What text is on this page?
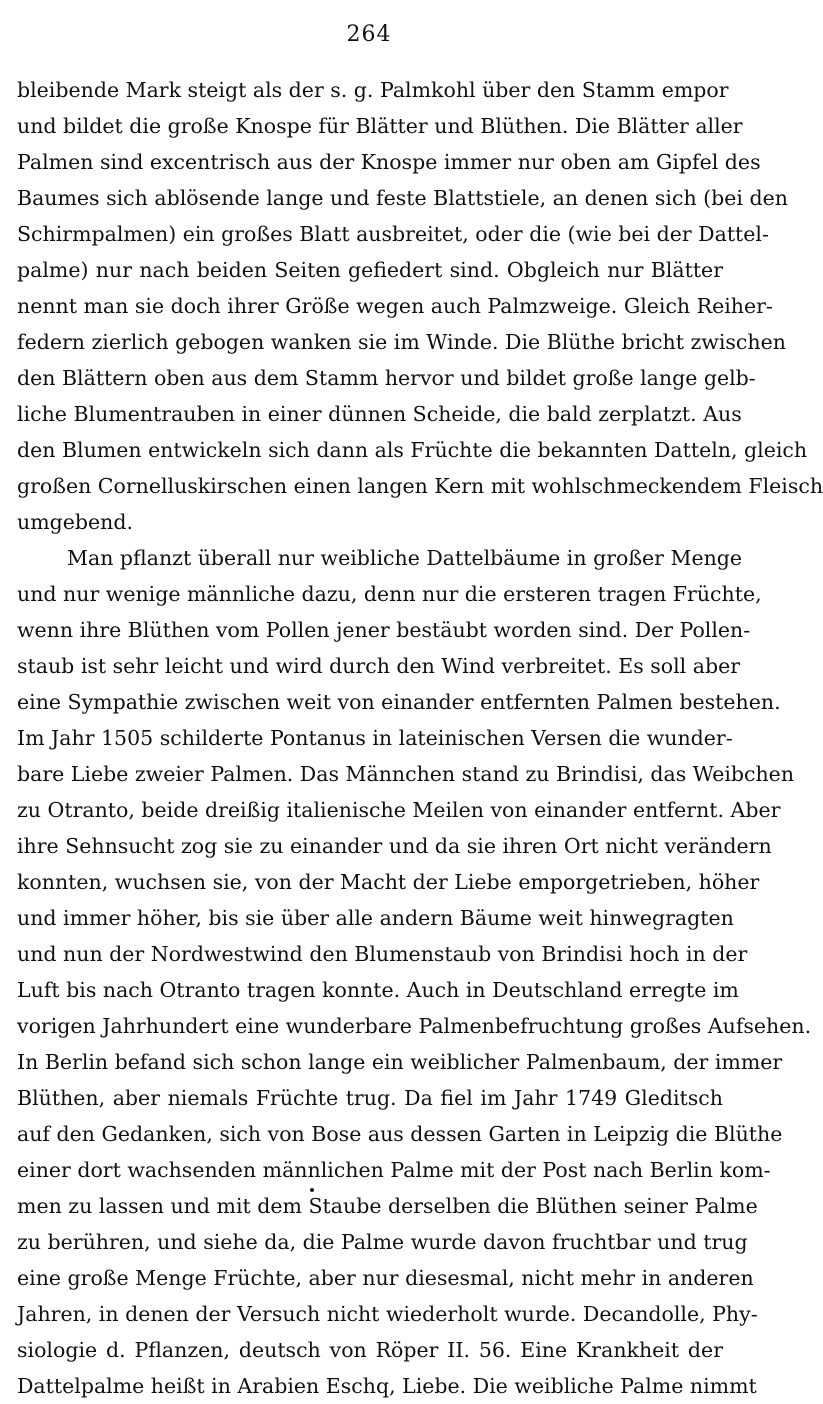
264
bleibende Mark steigt als der s. g. Palmkohl über den Stamm empor
und bildet die große Knospe für Blätter und Blüthen. Die Blätter aller
Palmen sind excentrisch aus der Knospe immer nur oben am Gipfel des
Baumes sich ablösende lange und feste Blattstiele, an denen sich (bei den
Schirmpalmen) ein großes Blatt ausbreitet, oder die (wie bei der Dattel-
palme) nur nach beiden Seiten gefiedert sind. Obgleich nur Blätter
nennt man sie doch ihrer Größe wegen auch Palmzweige. Gleich Reiher-
federn zierlich gebogen wanken sie im Winde. Die Blüthe bricht zwischen
den Blättern oben aus dem Stamm hervor und bildet große lange gelb-
liche Blumentrauben in einer dünnen Scheide, die bald zerplatzt. Aus
den Blumen entwickeln sich dann als Früchte die bekannten Datteln, gleich
großen Cornelluskirschen einen langen Kern mit wohlschmeckendem Fleisch
umgebend.
Man pflanzt überall nur weibliche Dattelbäume in großer Menge
und nur wenige männliche dazu, denn nur die ersteren tragen Früchte,
wenn ihre Blüthen vom Pollen jener bestäubt worden sind. Der Pollen-
staub ist sehr leicht und wird durch den Wind verbreitet. Es soll aber
eine Sympathie zwischen weit von einander entfernten Palmen bestehen.
Im Jahr 1505 schilderte Pontanus in lateinischen Versen die wunder-
bare Liebe zweier Palmen. Das Männchen stand zu Brindisi, das Weibchen
zu Otranto, beide dreißig italienische Meilen von einander entfernt. Aber
ihre Sehnsucht zog sie zu einander und da sie ihren Ort nicht verändern
konnten, wuchsen sie, von der Macht der Liebe emporgetrieben, höher
und immer höher, bis sie über alle andern Bäume weit hinwegragten
und nun der Nordwestwind den Blumenstaub von Brindisi hoch in der
Luft bis nach Otranto tragen konnte. Auch in Deutschland erregte im
vorigen Jahrhundert eine wunderbare Palmenbefruchtung großes Aufsehen.
In Berlin befand sich schon lange ein weiblicher Palmenbaum, der immer
Blüthen, aber niemals Früchte trug. Da fiel im Jahr 1749 Gleditsch
auf den Gedanken, sich von Bose aus dessen Garten in Leipzig die Blüthe
einer dort wachsenden männlichen Palme mit der Post nach Berlin kom-
men zu lassen und mit dem Staube derselben die Blüthen seiner Palme
zu berühren, und siehe da, die Palme wurde davon fruchtbar und trug
eine große Menge Früchte, aber nur diesesmal, nicht mehr in anderen
Jahren, in denen der Versuch nicht wiederholt wurde. Decandolle, Phy-
siologie d. Pflanzen, deutsch von Röper II. 56. Eine Krankheit der
Dattelpalme heißt in Arabien Eschq, Liebe. Die weibliche Palme nimmt
